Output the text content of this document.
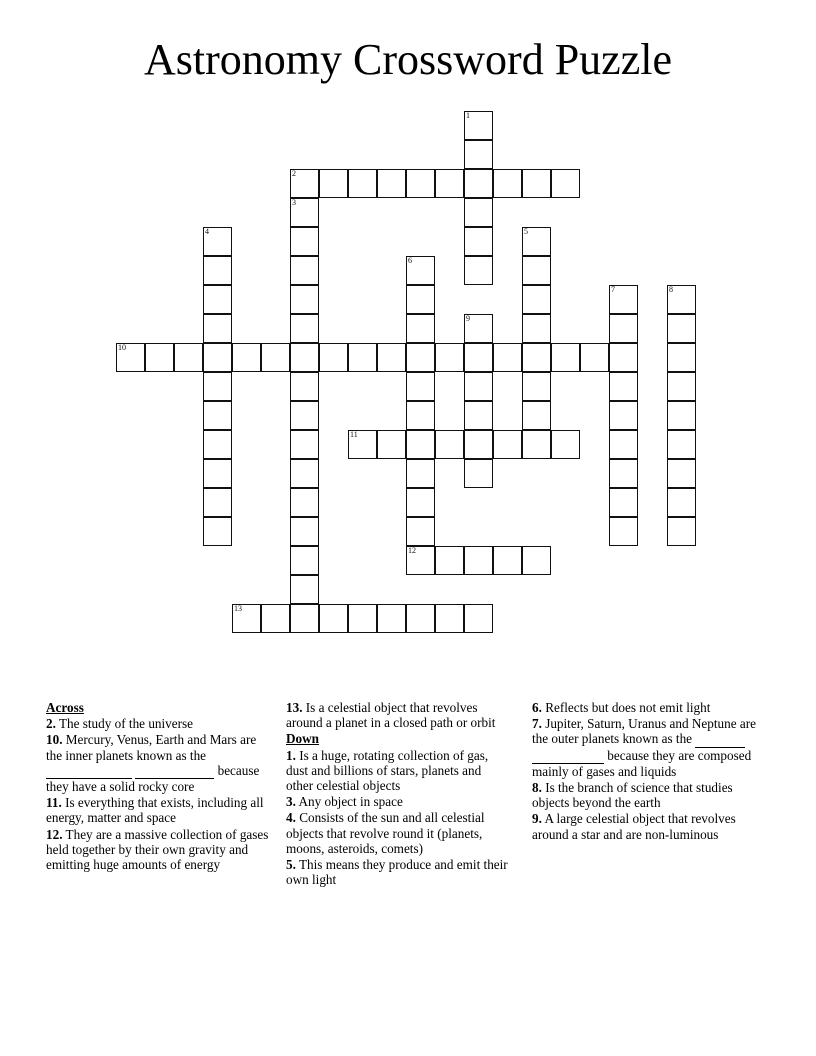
Astronomy Crossword Puzzle
1
2
3
4	5
6
12
7	8
9
10
11
13
Across
2. The study of the universe
10. Mercury, Venus, Earth and Mars are the inner planets known as the     because they have a solid rocky core
11. Is everything that exists, including all energy, matter and space
12. They are a massive collection of gases held together by their own gravity and emitting huge amounts of energy
13. Is a celestial object that revolves around a planet in a closed path or orbit
Down
1. Is a huge, rotating collection of gas, dust and billions of stars, planets and other celestial objects
3. Any object in space
4. Consists of the sun and all celestial objects that revolve round it (planets, moons, asteroids, comets)
5. This means they produce and emit their own light
6. Reflects but does not emit light
7. Jupiter, Saturn, Uranus and Neptune are the outer planets known as the     because they are composed mainly of gases and liquids
8. Is the branch of science that studies objects beyond the earth
9. A large celestial object that revolves around a star and are non-luminous
